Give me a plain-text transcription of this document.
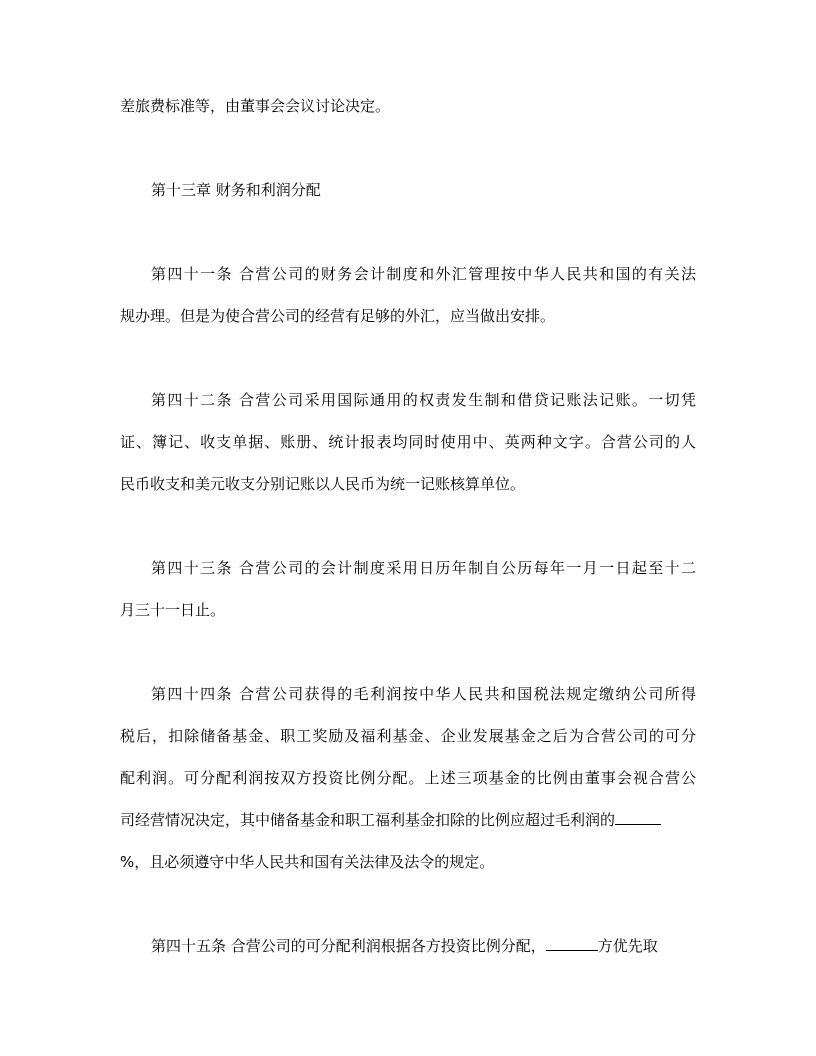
差旅费标准等，由董事会会议讨论决定。
第十三章 财务和利润分配
第四十一条 合营公司的财务会计制度和外汇管理按中华人民共和国的有关法
规办理。但是为使合营公司的经营有足够的外汇，应当做出安排。
第四十二条 合营公司采用国际通用的权责发生制和借贷记账法记账。一切凭
证、簿记、收支单据、账册、统计报表均同时使用中、英两种文字。合营公司的人
民币收支和美元收支分别记账以人民币为统一记账核算单位。
第四十三条 合营公司的会计制度采用日历年制自公历每年一月一日起至十二
月三十一日止。
第四十四条 合营公司获得的毛利润按中华人民共和国税法规定缴纳公司所得
税后，扣除储备基金、职工奖励及福利基金、企业发展基金之后为合营公司的可分
配利润。可分配利润按双方投资比例分配。上述三项基金的比例由董事会视合营公
司经营情况决定，其中储备基金和职工福利基金扣除的比例应超过毛利润的
%，且必须遵守中华人民共和国有关法律及法令的规定。
第四十五条 合营公司的可分配利润根据各方投资比例分配，	方优先取
